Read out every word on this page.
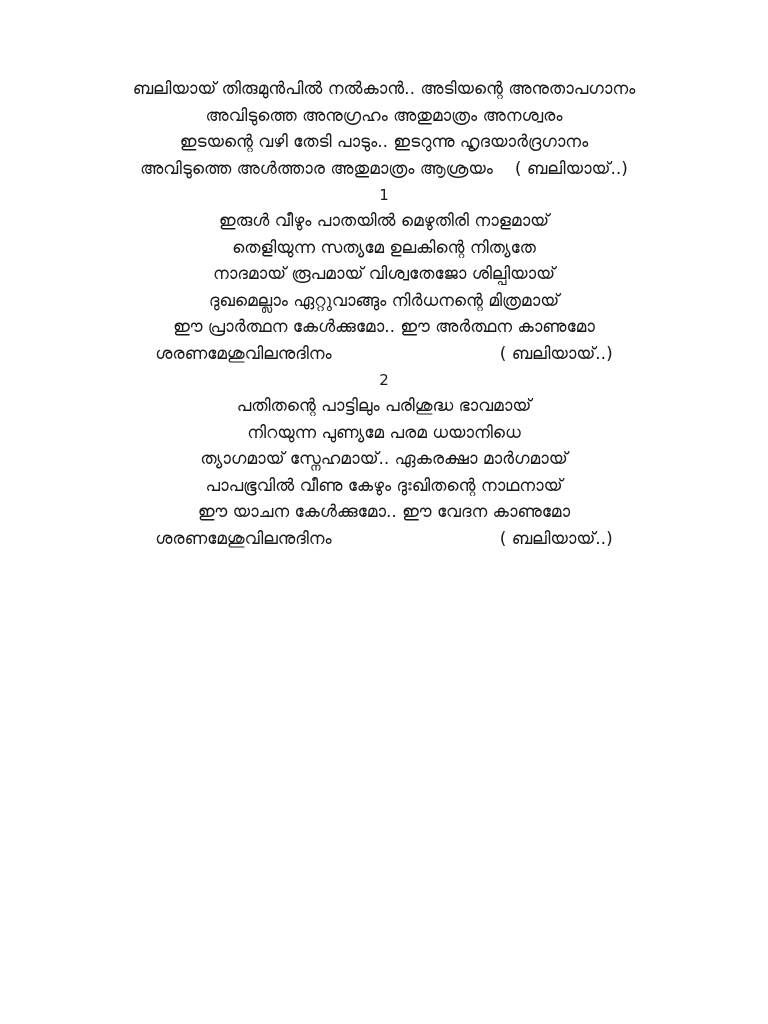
ബലിയായ് തിരുമുൻപിൽ നൽകാൻ.. അടിയന്റെ അനുതാപഗാനം
അവിടുത്തെ അനുഗ്രഹം അതുമാത്രം അനശ്വരം
ഇടയന്റെ വഴി തേടി പാടും.. ഇടറുന്നു ഹൃദയാർദ്രഗാനം
അവിടുത്തെ അൾത്താര അതുമാത്രം ആശ്രയം ( ബലിയായ്..)
1
ഇരുൾ വീഴും പാതയിൽ മെഴുതിരി നാളമായ്
തെളിയുന്ന സത്യമേ ഉലകിന്റെ നിത്യതേ
നാദമായ് രൂപമായ് വിശ്വതേജോ ശില്പിയായ്
ദുഖമെല്ലാം ഏറ്റുവാങ്ങും നിർധനന്റെ മിത്രമായ്
ഈ പ്രാർത്ഥന കേൾക്കുമോ.. ഈ അർത്ഥന കാണുമോ
ശരണമേശുവിലനുദിനം	( ബലിയായ്..)
2
പതിതന്റെ പാട്ടിലും പരിശുദ്ധ ഭാവമായ്
നിറയുന്ന പുണ്യമേ പരമ ധയാനിധെ
ത്യാഗമായ് സ്നേഹമായ്.. ഏകരക്ഷാ മാർഗമായ്
പാപഭൂവിൽ വീണു കേഴും ദുഃഖിതന്റെ നാഥനായ്
ഈ യാചന കേൾക്കുമോ.. ഈ വേദന കാണുമോ
ശരണമേശുവിലനുദിനം	( ബലിയായ്..)
